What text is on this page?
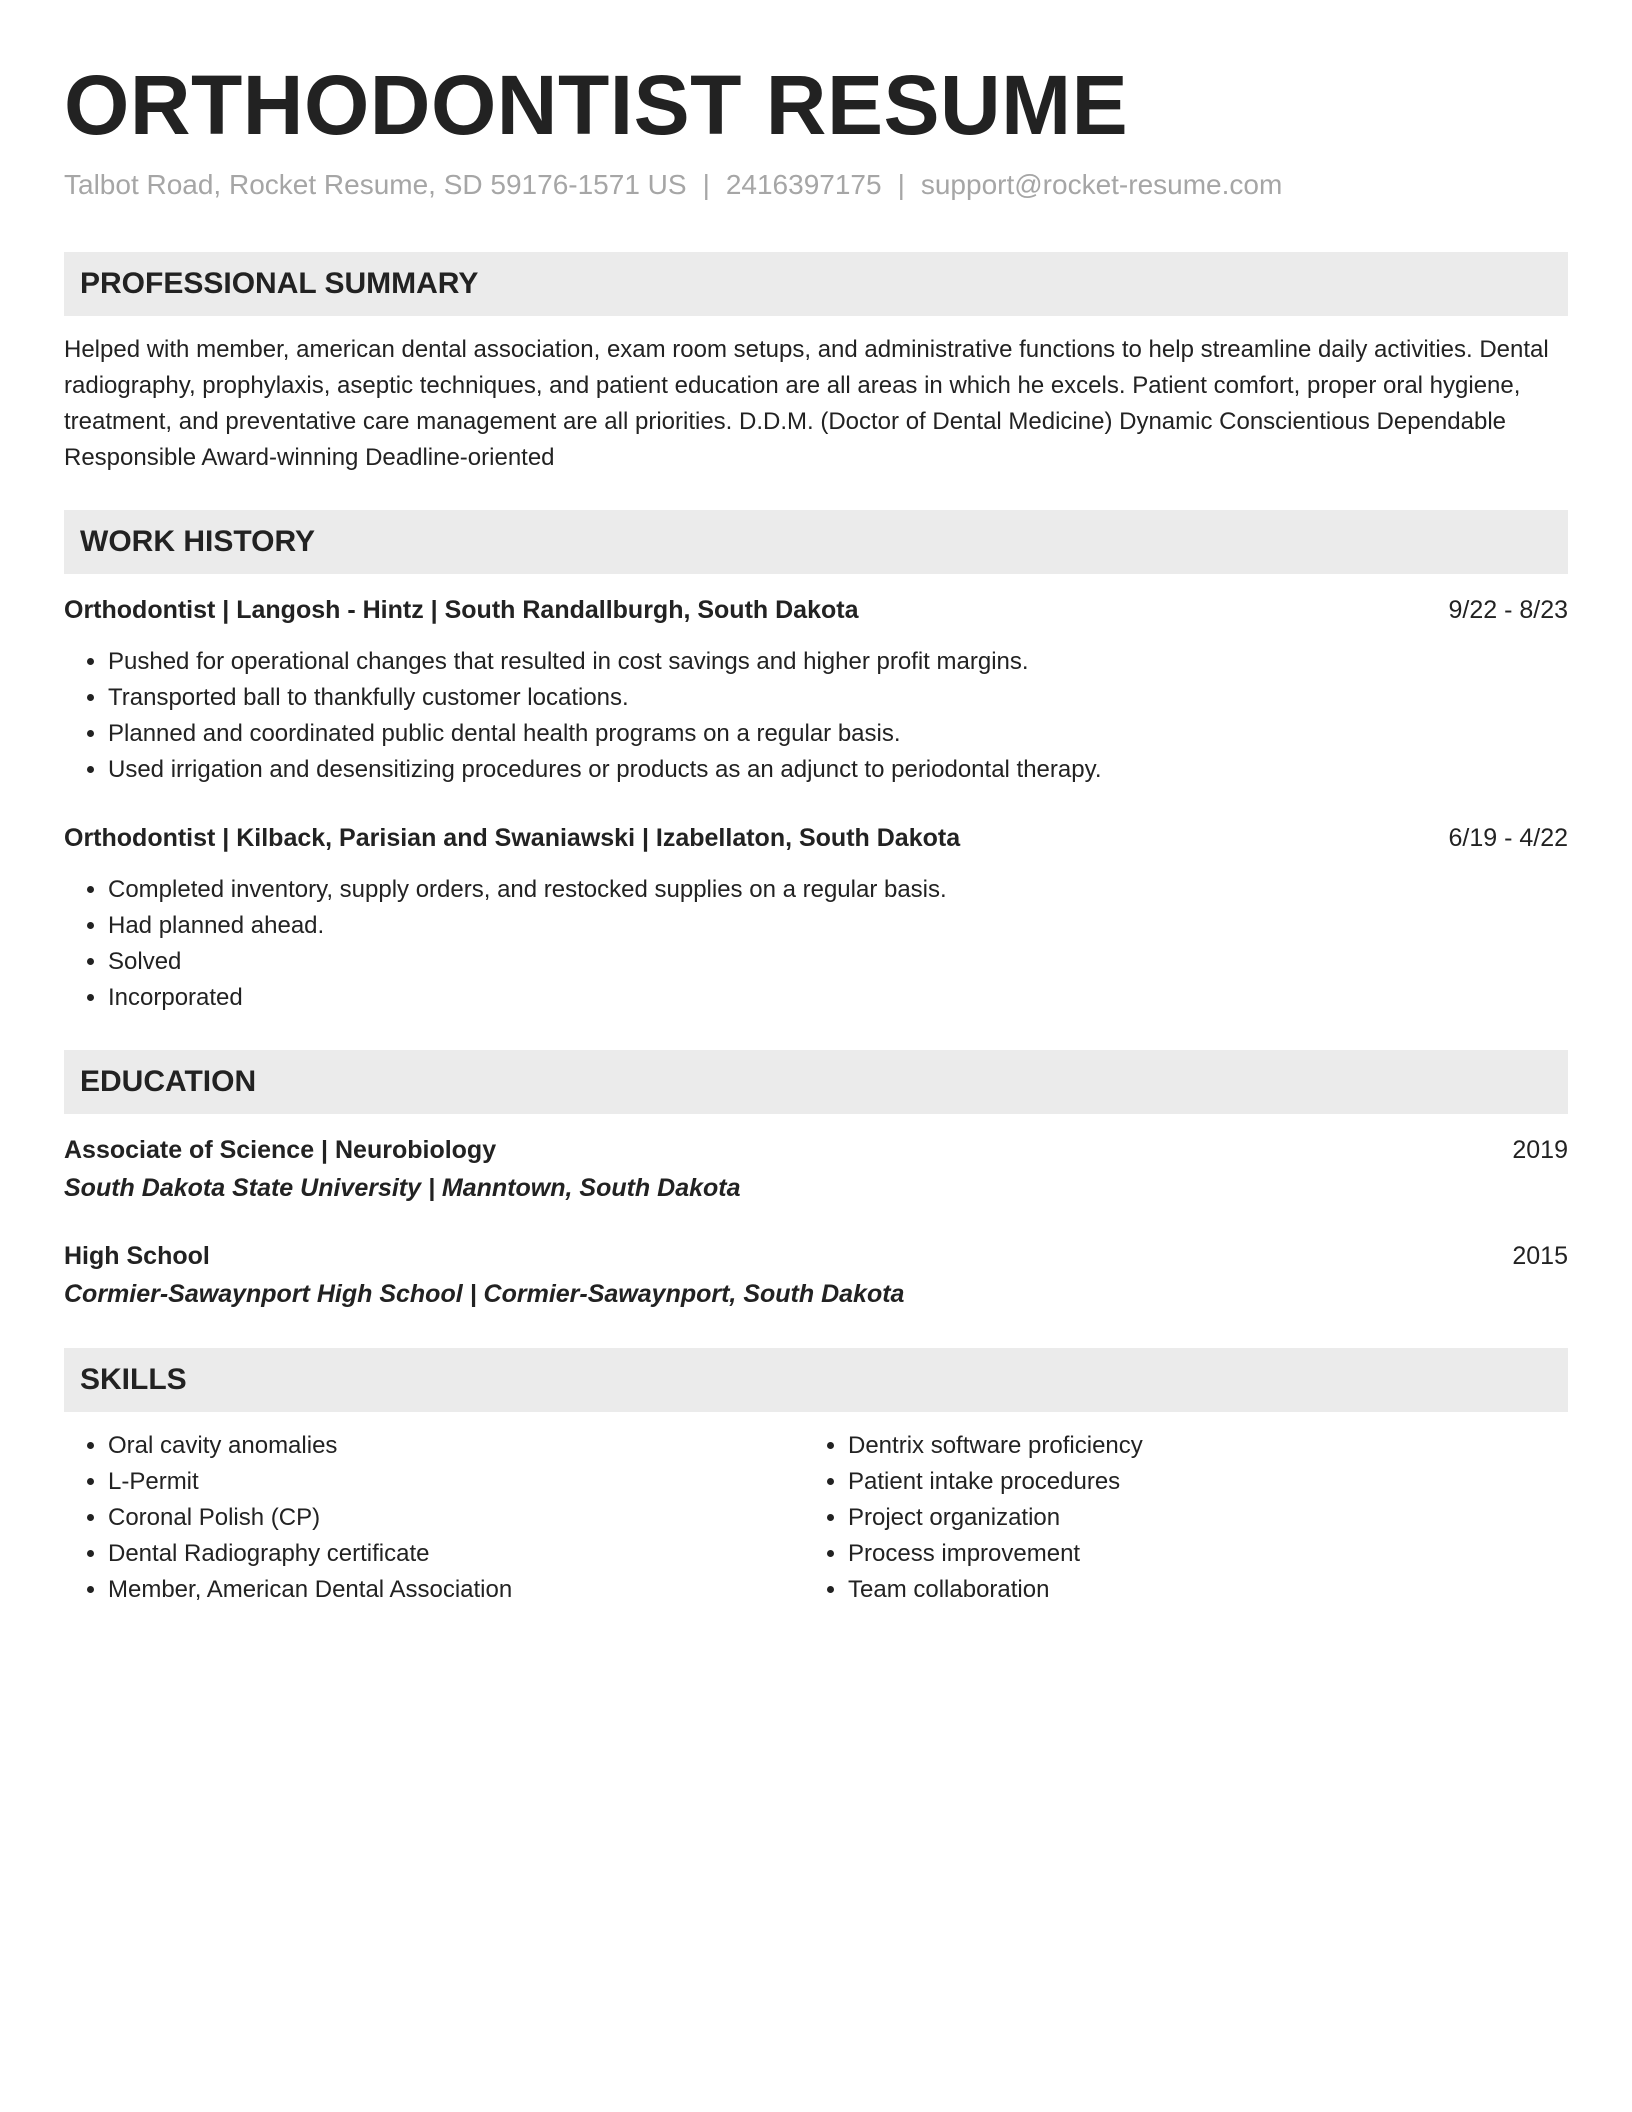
ORTHODONTIST RESUME
Talbot Road, Rocket Resume, SD 59176-1571 US | 2416397175 | support@rocket-resume.com
PROFESSIONAL SUMMARY
Helped with member, american dental association, exam room setups, and administrative functions to help streamline daily activities. Dental radiography, prophylaxis, aseptic techniques, and patient education are all areas in which he excels. Patient comfort, proper oral hygiene, treatment, and preventative care management are all priorities. D.D.M. (Doctor of Dental Medicine) Dynamic Conscientious Dependable Responsible Award-winning Deadline-oriented
WORK HISTORY
Orthodontist | Langosh - Hintz | South Randallburgh, South Dakota	9/22 - 8/23
• Pushed for operational changes that resulted in cost savings and higher profit margins.
• Transported ball to thankfully customer locations.
• Planned and coordinated public dental health programs on a regular basis.
• Used irrigation and desensitizing procedures or products as an adjunct to periodontal therapy.
Orthodontist | Kilback, Parisian and Swaniawski | Izabellaton, South Dakota	6/19 - 4/22
• Completed inventory, supply orders, and restocked supplies on a regular basis.
• Had planned ahead.
• Solved
• Incorporated
EDUCATION
Associate of Science | Neurobiology	2019
South Dakota State University | Manntown, South Dakota
High School	2015
Cormier-Sawaynport High School | Cormier-Sawaynport, South Dakota
SKILLS
• Oral cavity anomalies
• L-Permit
• Coronal Polish (CP)
• Dental Radiography certificate
• Member, American Dental Association
• Dentrix software proficiency
• Patient intake procedures
• Project organization
• Process improvement
• Team collaboration
